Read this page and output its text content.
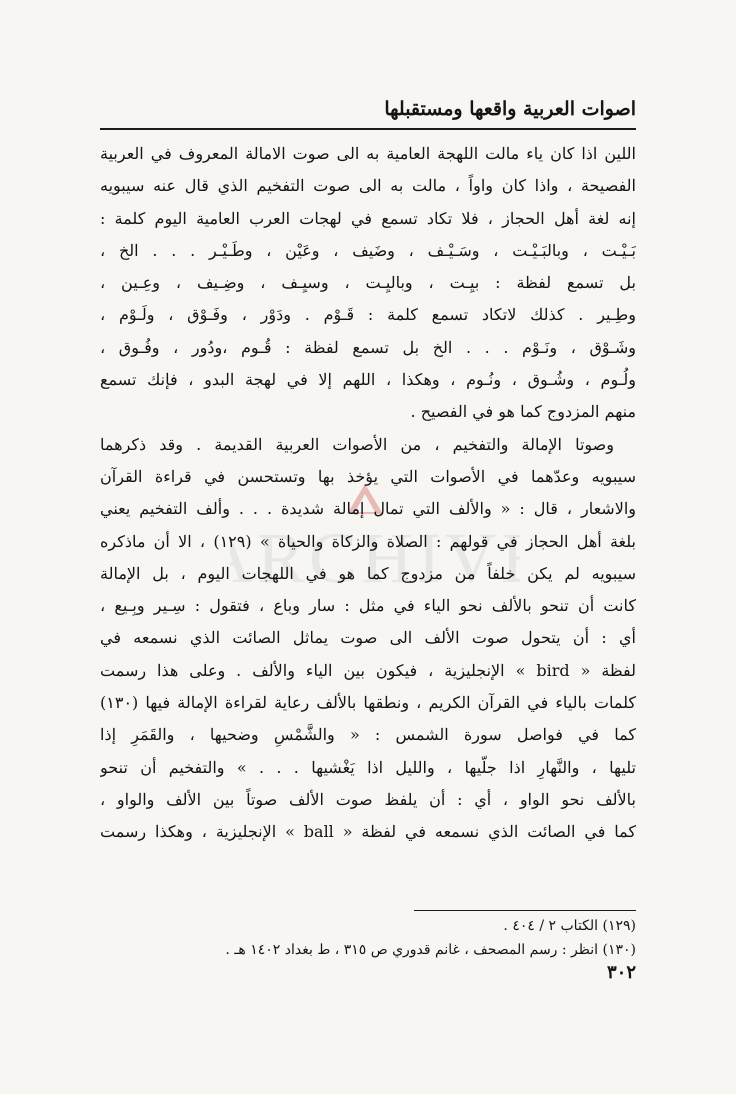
RCHIV
اصوات العربية واقعها ومستقبلها
اللين اذا كان ياء مالت اللهجة العامية به الى صوت الامالة المعروف في العربية
الفصيحة ، واذا كان واواً ، مالت به الى صوت التفخيم الذي قال عنه سيبويه
إنه لغة أهل الحجاز ، فلا تكاد تسمع في لهجات العرب العامية اليوم كلمة :
بَـيْـت ، وبالبَـيْـت ، وسَـيْـف ، وضَيف ، وعَيْن ، وطَـيْـر . . . الخ ،
بل تسمع لفظة : بيِـت ، وباليِـت ، وسيِـف ، وضِـيف ، وعِـين ،
وطِـير . كذلك لاتكاد تسمع كلمة : قَـوْم . ودَوْر ، وفَـوْق ، ولَـوْم ،
وشَـوْق ، ونَـوْم . . . الخ بل تسمع لفظة : قُـوم ،ودُور ، وفُـوق ،
ولُـوم ، وشُـوق ، ونُـوم ، وهكذا ، اللهم إلا في لهجة البدو ، فإنك تسمع
منهم المزدوج كما هو في الفصيح .
وصوتا الإمالة والتفخيم ، من الأصوات العربية القديمة . وقد ذكرهما
سيبويه وعدّهما في الأصوات التي يؤخذ بها وتستحسن في قراءة القرآن
والاشعار ، قال : « والألف التي تمال إمالة شديدة . . . وألف التفخيم يعني
بلغة أهل الحجاز في قولهم : الصلاة والزكاة والحياة » (١٢٩) ، الا أن ماذكره
سيبويه لم يكن خلفاً من مزدوج كما هو في اللهجات اليوم ، بل الإمالة
كانت أن تنحو بالألف نحو الياء في مثل : سار وباع ، فتقول : سِـير وبِـيع ،
أي : أن يتحول صوت الألف الى صوت يماثل الصائت الذي نسمعه في
لفظة « bird » الإنجليزية ، فيكون بين الياء والألف . وعلى هذا رسمت
كلمات بالياء في القرآن الكريم ، ونطقها بالألف رعاية لقراءة الإمالة فيها (١٣٠)
كما في فواصل سورة الشمس : « والشَّمْسِ وضحيها ، والقَمَرِ إذا
تليها ، والنَّهارِ اذا جلّيها ، والليل اذا يَغْشيها . . . » والتفخيم أن تنحو
بالألف نحو الواو ، أي : أن يلفظ صوت الألف صوتاً بين الألف والواو ،
كما في الصائت الذي نسمعه في لفظة « ball » الإنجليزية ، وهكذا رسمت
(١٢٩) الكتاب ٢ / ٤٠٤ .
(١٣٠) انظر : رسم المصحف ، غانم قدوري ص ٣١٥ ، ط بغداد ١٤٠٢ هـ .
٣٠٢
